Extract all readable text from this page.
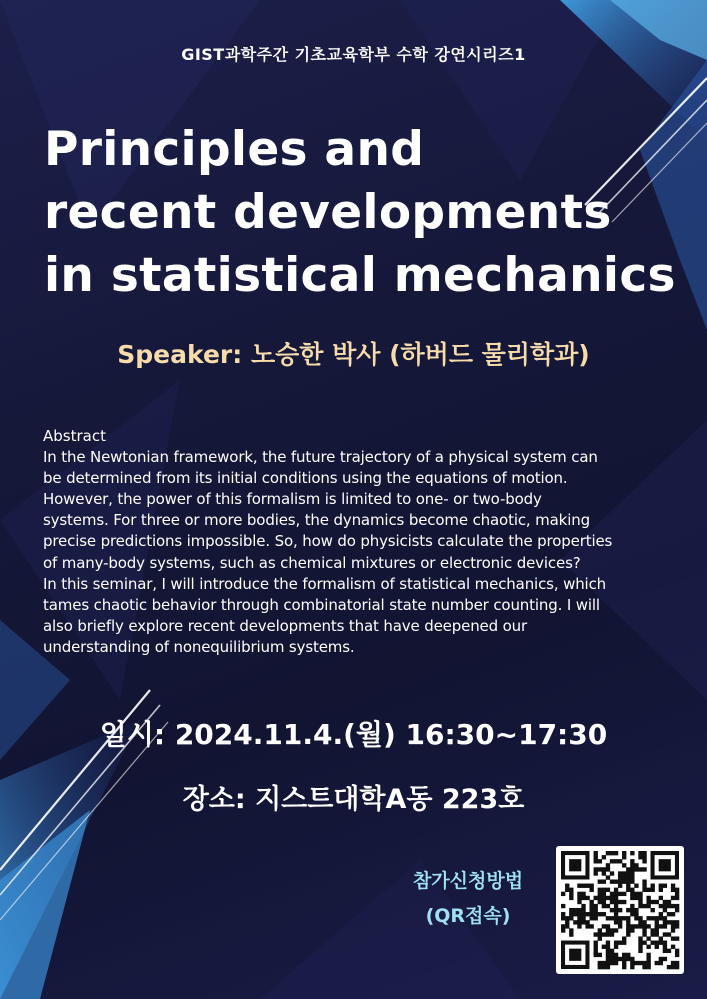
GIST과학주간 기초교육학부 수학 강연시리즈1
Principles and
recent developments
in statistical mechanics
Speaker: 노승한 박사 (하버드 물리학과)
Abstract
In the Newtonian framework, the future trajectory of a physical system can
be determined from its initial conditions using the equations of motion.
However, the power of this formalism is limited to one- or two-body
systems. For three or more bodies, the dynamics become chaotic, making
precise predictions impossible. So, how do physicists calculate the properties
of many-body systems, such as chemical mixtures or electronic devices?
In this seminar, I will introduce the formalism of statistical mechanics, which
tames chaotic behavior through combinatorial state number counting. I will
also briefly explore recent developments that have deepened our
understanding of nonequilibrium systems.
일시: 2024.11.4.(월) 16:30~17:30
장소: 지스트대학A동 223호
참가신청방법
(QR접속)
